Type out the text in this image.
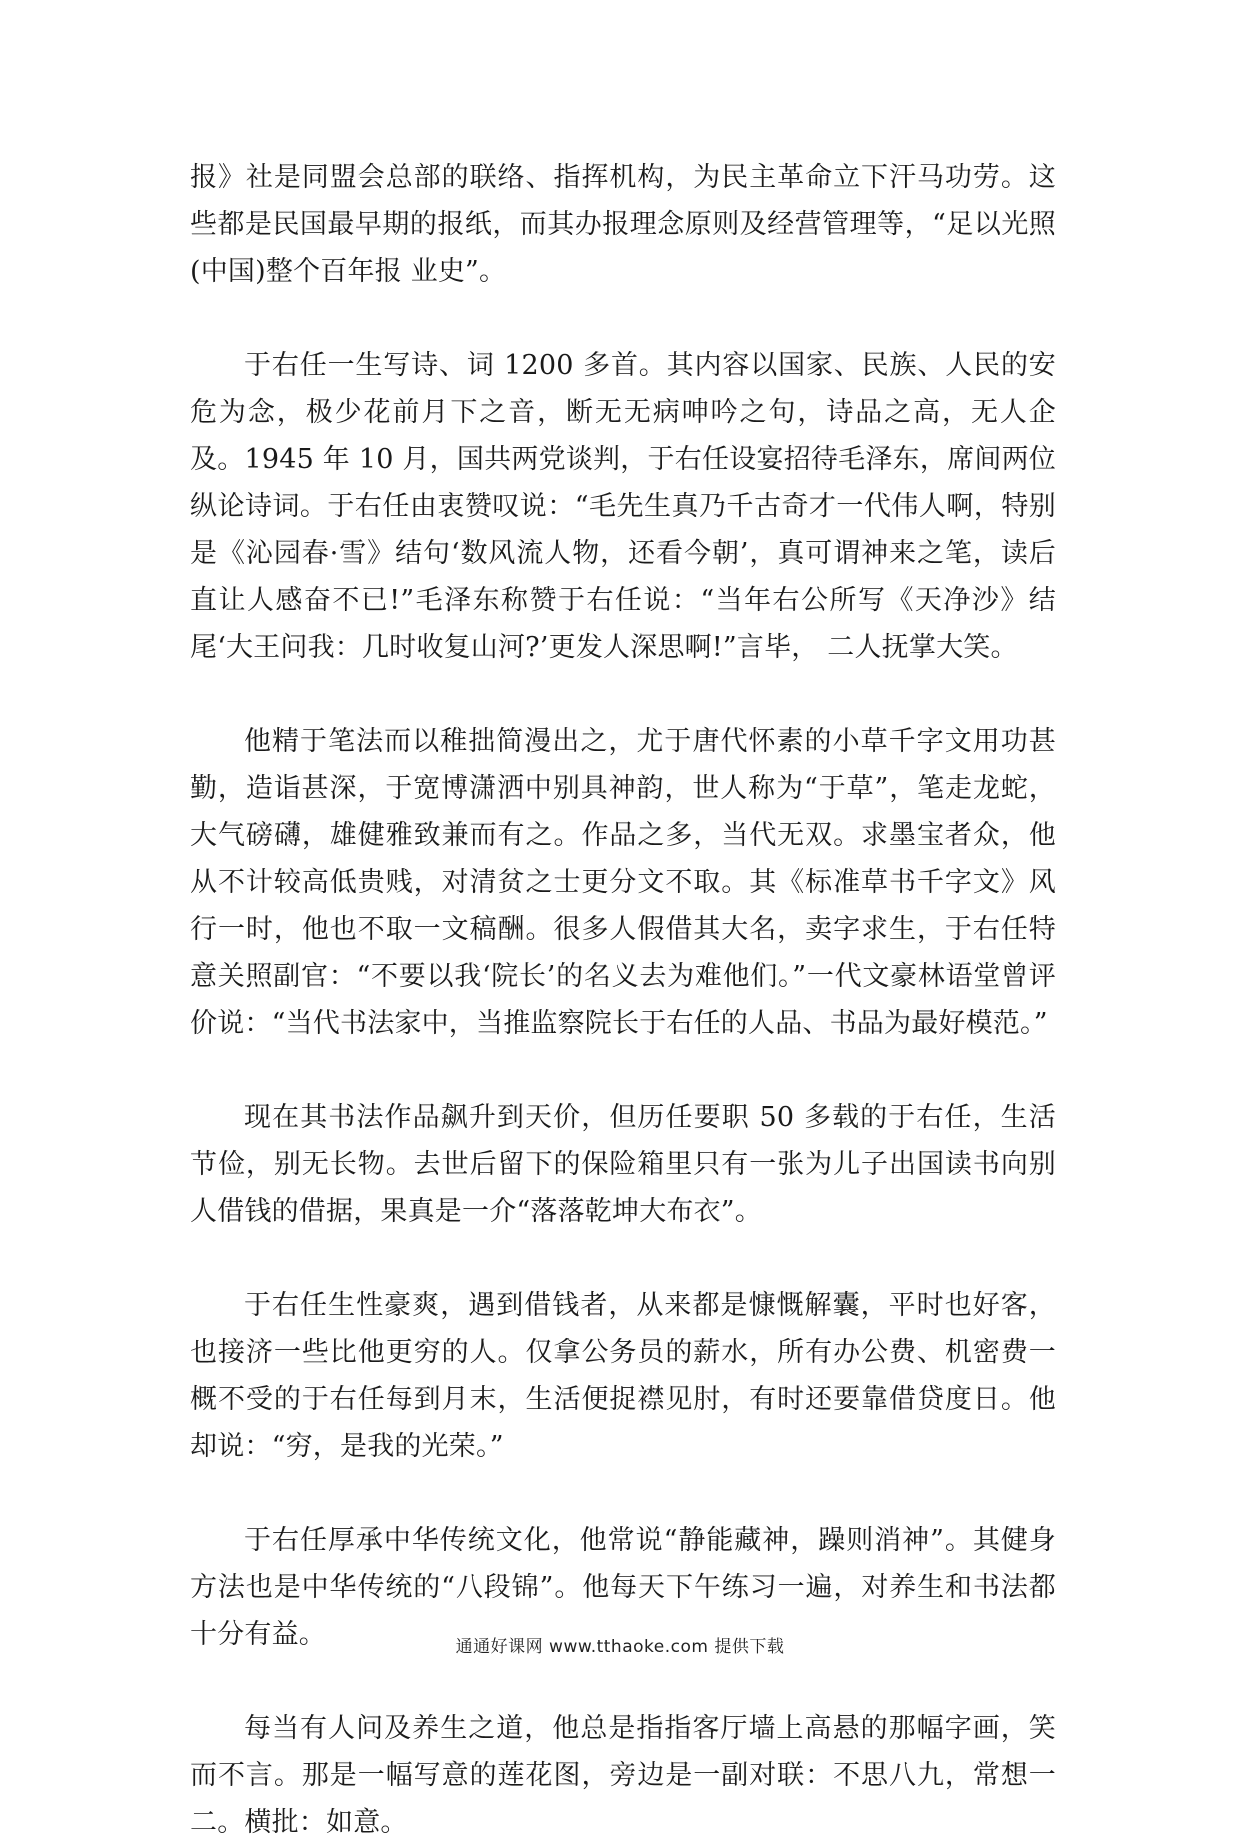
报》社是同盟会总部的联络、指挥机构，为民主革命立下汗马功劳。这些都是民国最早期的报纸，而其办报理念原则及经营管理等，“足以光照(中国)整个百年报 业史”。

于右任一生写诗、词 1200 多首。其内容以国家、民族、人民的安危为念，极少花前月下之音，断无无病呻吟之句，诗品之高，无人企及。1945 年 10 月，国共两党谈判，于右任设宴招待毛泽东，席间两位纵论诗词。于右任由衷赞叹说：“毛先生真乃千古奇才一代伟人啊，特别是《沁园春·雪》结句‘数风流人物，还看今朝’，真可谓神来之笔，读后直让人感奋不已!”毛泽东称赞于右任说：“当年右公所写《天净沙》结尾‘大王问我：几时收复山河?’更发人深思啊!”言毕， 二人抚掌大笑。

他精于笔法而以稚拙简漫出之，尤于唐代怀素的小草千字文用功甚勤，造诣甚深，于宽博潇洒中别具神韵，世人称为“于草”，笔走龙蛇，大气磅礴，雄健雅致兼而有之。作品之多，当代无双。求墨宝者众，他从不计较高低贵贱，对清贫之士更分文不取。其《标准草书千字文》风行一时，他也不取一文稿酬。很多人假借其大名，卖字求生，于右任特意关照副官：“不要以我‘院长’的名义去为难他们。”一代文豪林语堂曾评价说：“当代书法家中，当推监察院长于右任的人品、书品为最好模范。”

现在其书法作品飙升到天价，但历任要职 50 多载的于右任，生活节俭，别无长物。去世后留下的保险箱里只有一张为儿子出国读书向别人借钱的借据，果真是一介“落落乾坤大布衣”。

于右任生性豪爽，遇到借钱者，从来都是慷慨解囊，平时也好客，也接济一些比他更穷的人。仅拿公务员的薪水，所有办公费、机密费一概不受的于右任每到月末，生活便捉襟见肘，有时还要靠借贷度日。他却说：“穷，是我的光荣。”

于右任厚承中华传统文化，他常说“静能藏神，躁则消神”。其健身方法也是中华传统的“八段锦”。他每天下午练习一遍，对养生和书法都十分有益。

每当有人问及养生之道，他总是指指客厅墙上高悬的那幅字画，笑而不言。那是一幅写意的莲花图，旁边是一副对联：不思八九，常想一二。横批：如意。

通通好课网 www.tthaoke.com 提供下载
